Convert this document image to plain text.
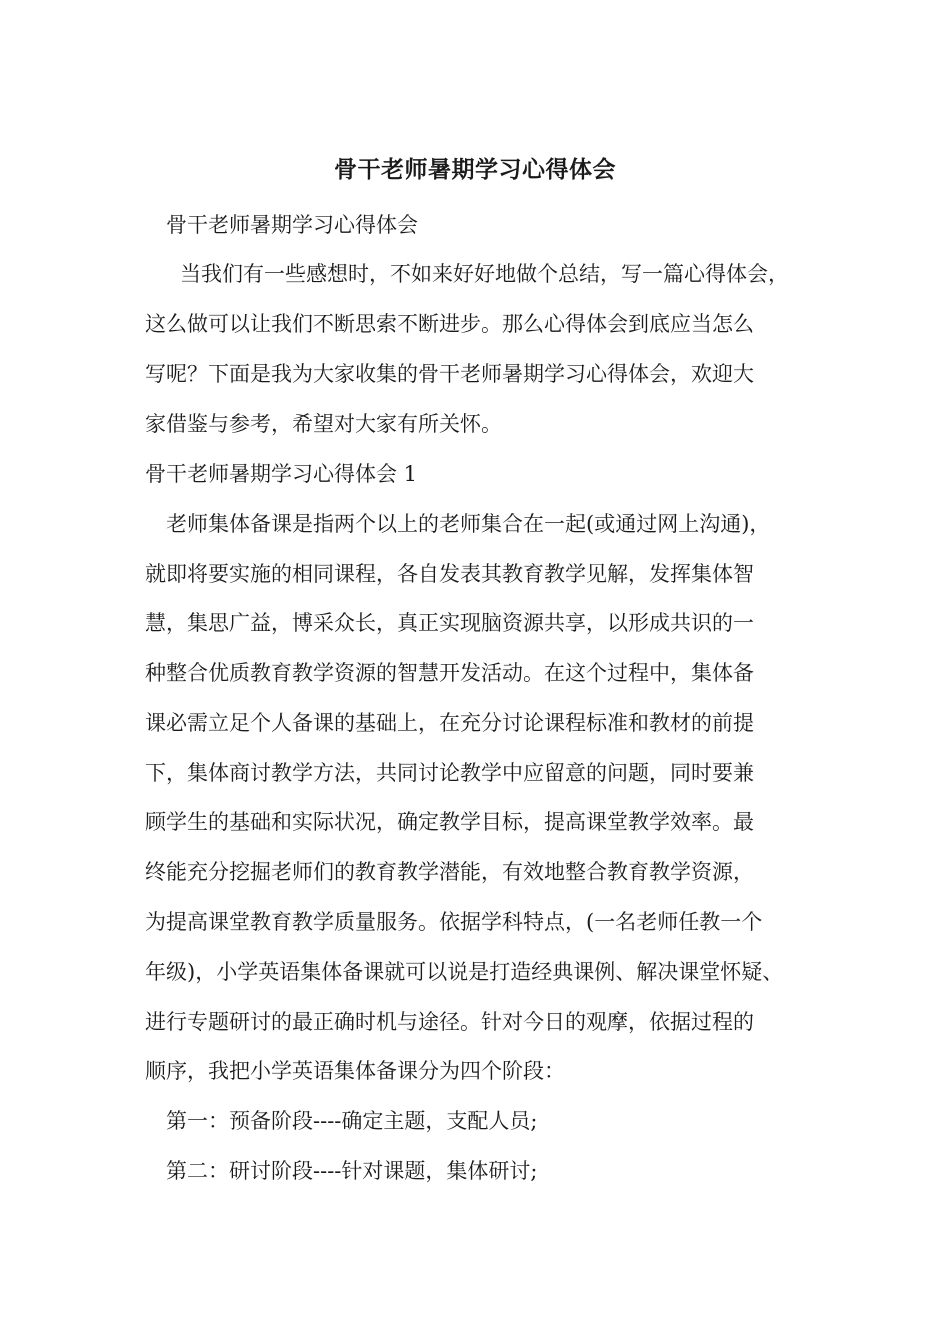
骨干老师暑期学习心得体会

骨干老师暑期学习心得体会

当我们有一些感想时，不如来好好地做个总结，写一篇心得体会，

这么做可以让我们不断思索不断进步。那么心得体会到底应当怎么

写呢？下面是我为大家收集的骨干老师暑期学习心得体会，欢迎大

家借鉴与参考，希望对大家有所关怀。

骨干老师暑期学习心得体会 1

老师集体备课是指两个以上的老师集合在一起(或通过网上沟通)，

就即将要实施的相同课程，各自发表其教育教学见解，发挥集体智

慧，集思广益，博采众长，真正实现脑资源共享，以形成共识的一

种整合优质教育教学资源的智慧开发活动。在这个过程中，集体备

课必需立足个人备课的基础上，在充分讨论课程标准和教材的前提

下，集体商讨教学方法，共同讨论教学中应留意的问题，同时要兼

顾学生的基础和实际状况，确定教学目标，提高课堂教学效率。最

终能充分挖掘老师们的教育教学潜能，有效地整合教育教学资源，

为提高课堂教育教学质量服务。依据学科特点，(一名老师任教一个

年级)，小学英语集体备课就可以说是打造经典课例、解决课堂怀疑、

进行专题研讨的最正确时机与途径。针对今日的观摩，依据过程的

顺序，我把小学英语集体备课分为四个阶段：

第一：预备阶段----确定主题，支配人员;

第二：研讨阶段----针对课题，集体研讨;
